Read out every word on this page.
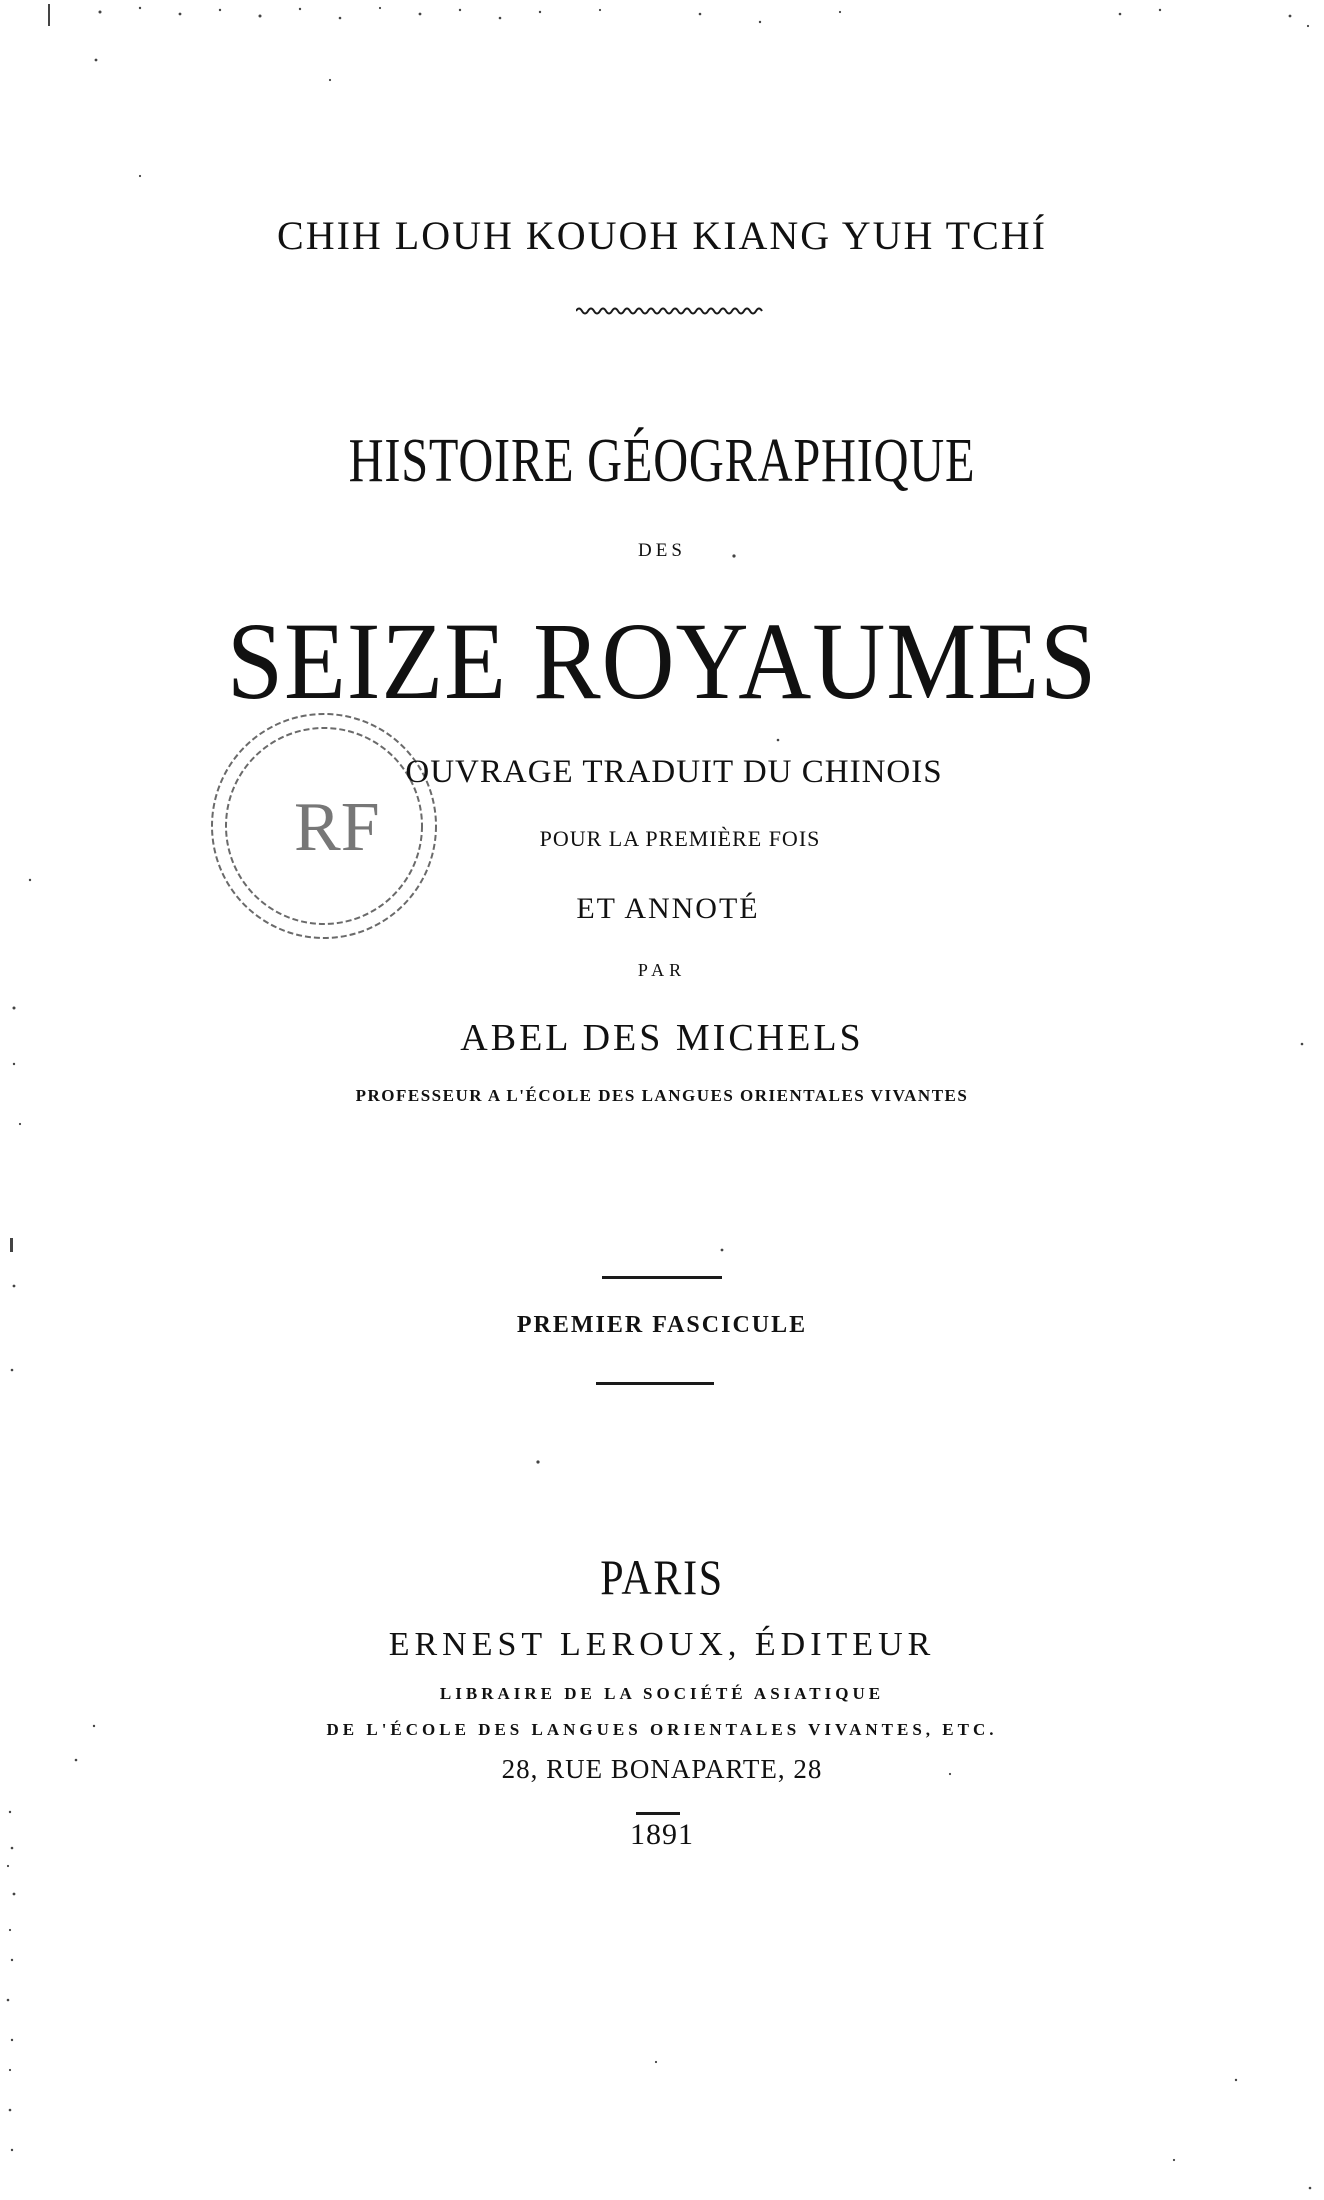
CHIH LOUH KOUOH KIANG YUH TCHÍ
HISTOIRE GÉOGRAPHIQUE
DES
SEIZE ROYAUMES
RF
OUVRAGE TRADUIT DU CHINOIS
POUR LA PREMIÈRE FOIS
ET ANNOTÉ
PAR
ABEL DES MICHELS
PROFESSEUR A L'ÉCOLE DES LANGUES ORIENTALES VIVANTES
PREMIER FASCICULE
PARIS
ERNEST LEROUX, ÉDITEUR
LIBRAIRE DE LA SOCIÉTÉ ASIATIQUE
DE L'ÉCOLE DES LANGUES ORIENTALES VIVANTES, ETC.
28, RUE BONAPARTE, 28
1891
